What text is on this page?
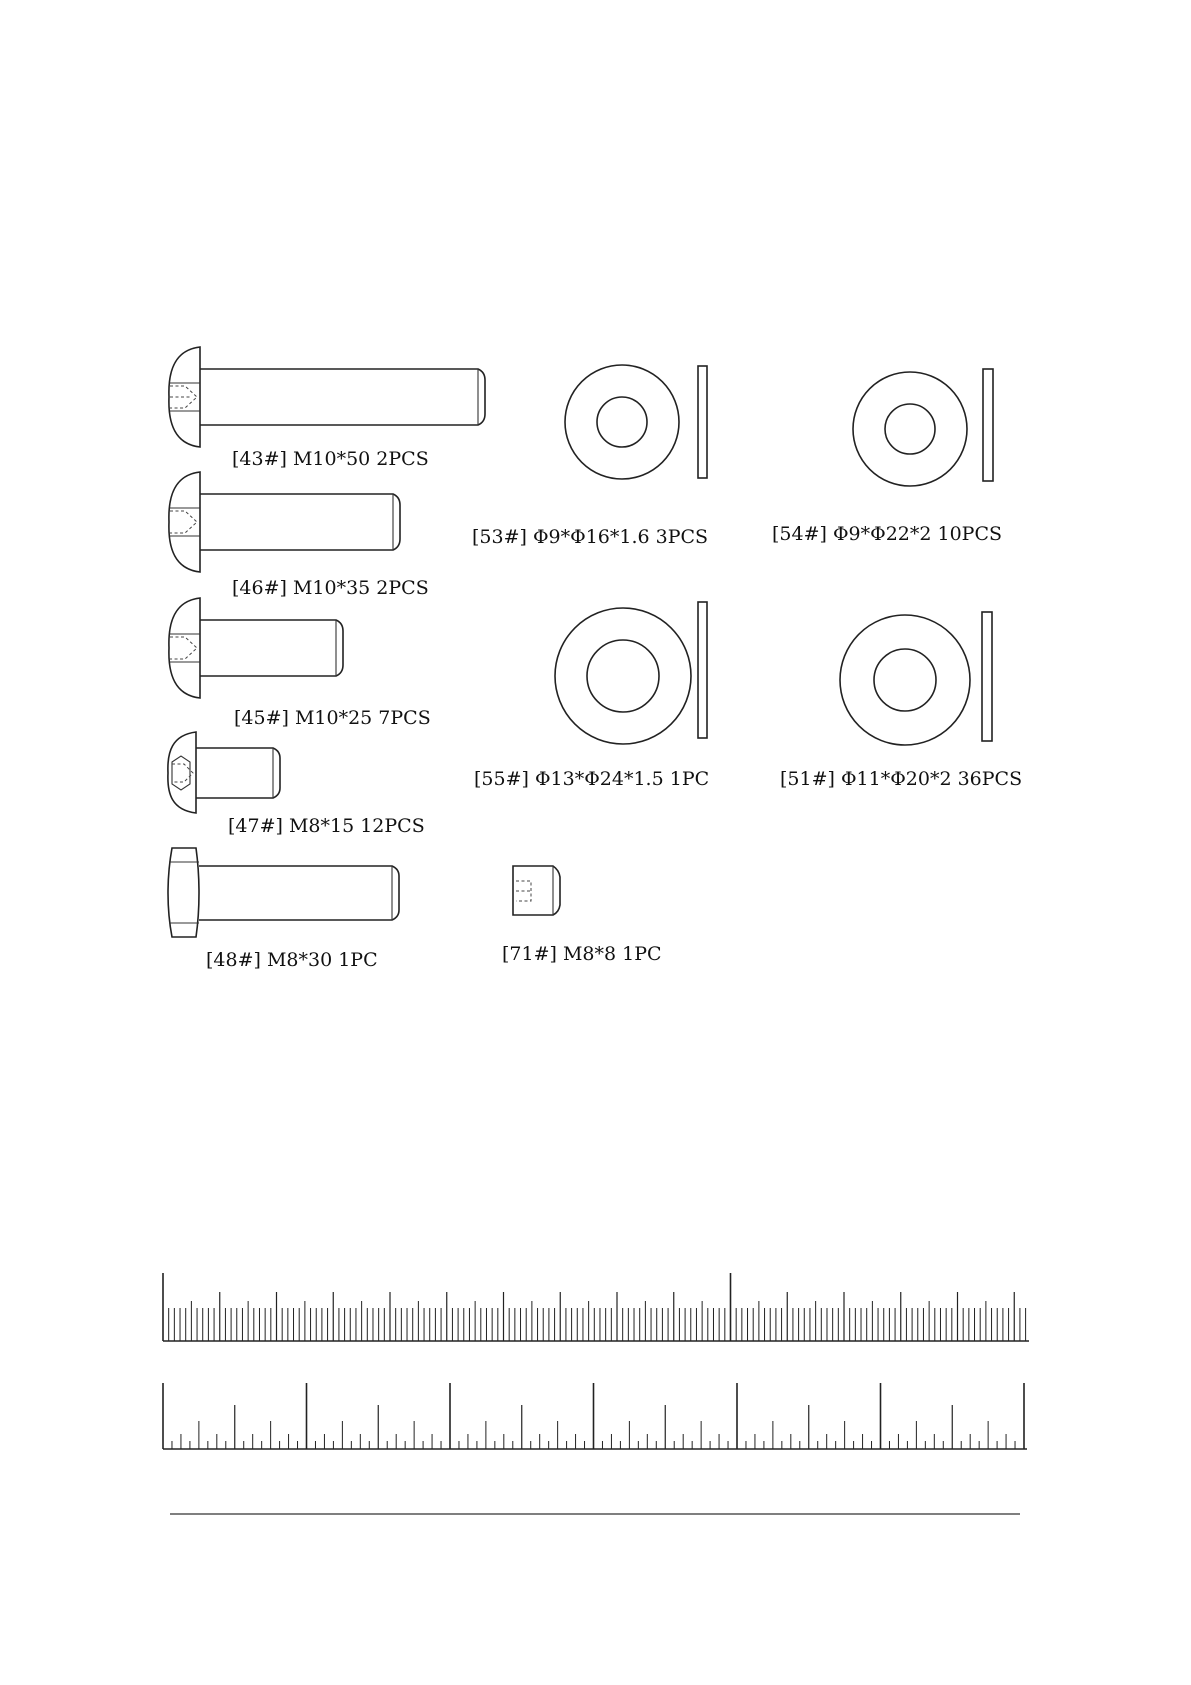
[43#] M10*50 2PCS
[46#] M10*35 2PCS
[45#] M10*25 7PCS
[47#] M8*15 12PCS
[48#] M8*30 1PC	[71#] M8*8 1PC
[53#] Φ9*Φ16*1.6 3PCS	[54#] Φ9*Φ22*2 10PCS
[55#] Φ13*Φ24*1.5 1PC	[51#] Φ11*Φ20*2 36PCS
